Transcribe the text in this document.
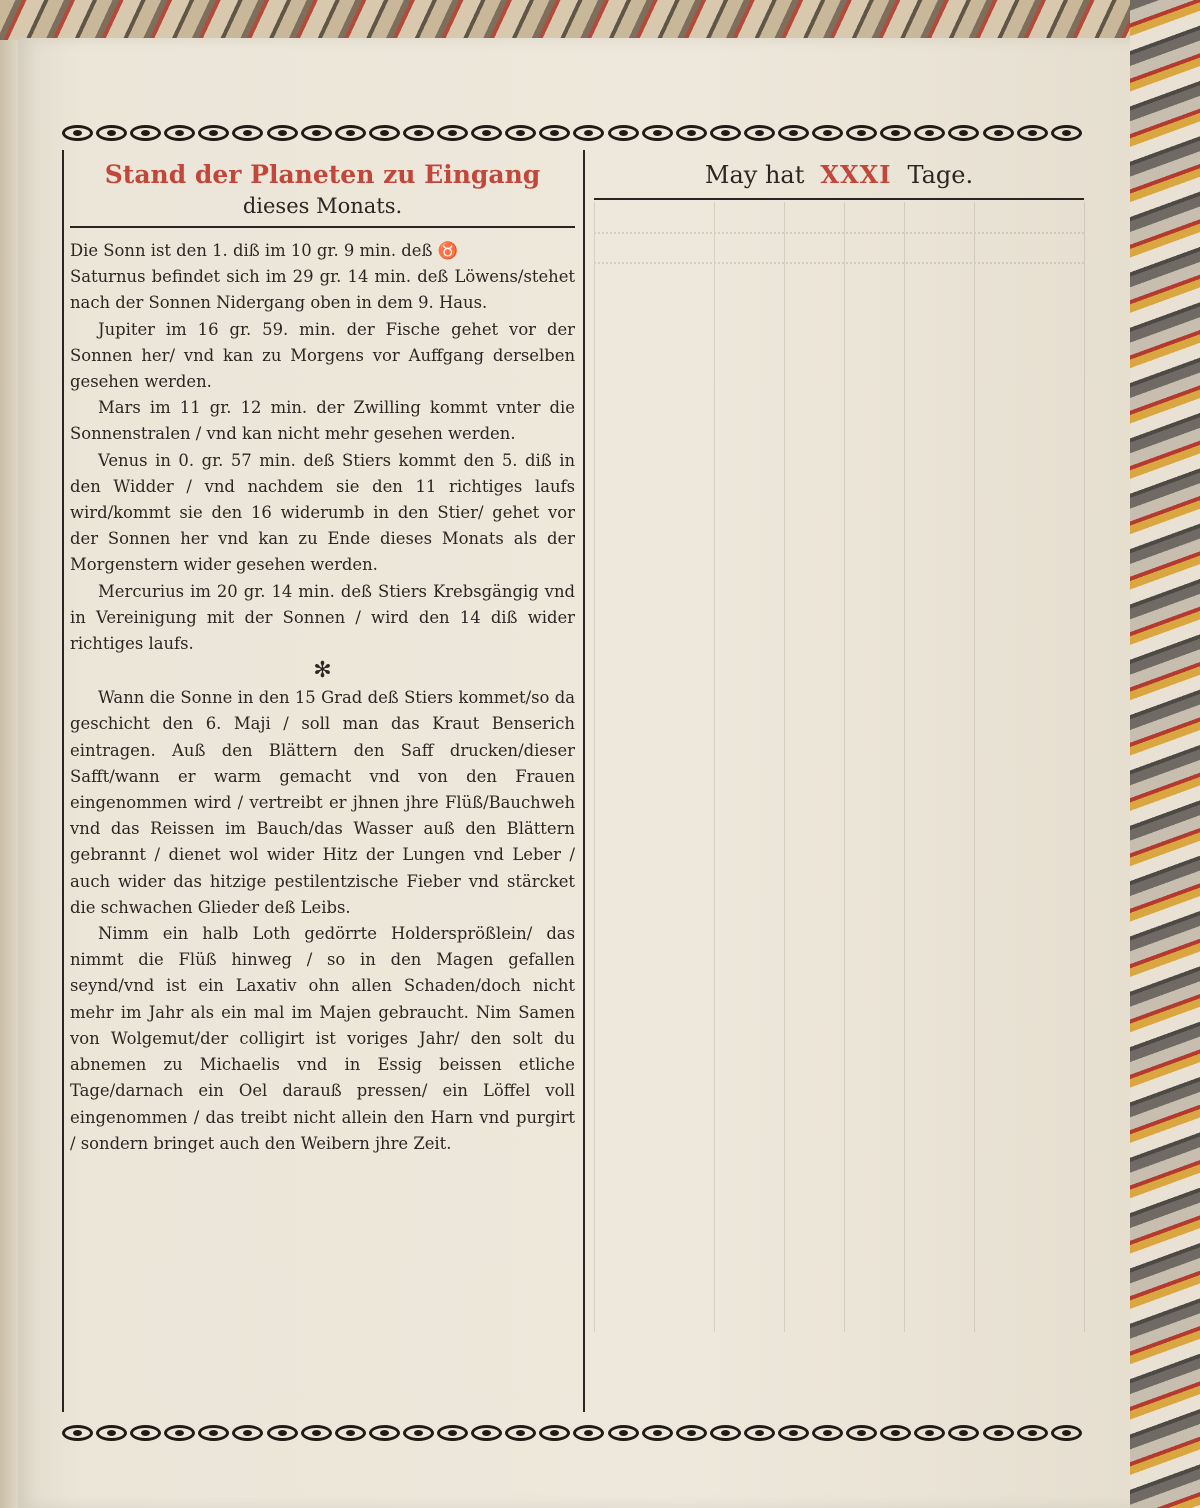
Stand der Planeten zu Eingang

dieses Monats.

Die Sonn ist den 1. diß im 10 gr. 9 min. deß ♉

Saturnus befindet sich im 29 gr. 14 min. deß Löwens/stehet nach der Sonnen Nidergang oben in dem 9. Haus.

Jupiter im 16 gr. 59. min. der Fische gehet vor der Sonnen her/ vnd kan zu Morgens vor Auffgang derselben gesehen werden.

Mars im 11 gr. 12 min. der Zwilling kommt vnter die Sonnenstralen / vnd kan nicht mehr gesehen werden.

Venus in 0. gr. 57 min. deß Stiers kommt den 5. diß in den Widder / vnd nachdem sie den 11 richtiges laufs wird/kommt sie den 16 widerumb in den Stier/ gehet vor der Sonnen her vnd kan zu Ende dieses Monats als der Morgenstern wider gesehen werden.

Mercurius im 20 gr. 14 min. deß Stiers Krebsgängig vnd in Vereinigung mit der Sonnen / wird den 14 diß wider richtiges laufs.

✻

Wann die Sonne in den 15 Grad deß Stiers kommet/so da geschicht den 6. Maji / soll man das Kraut Benserich eintragen. Auß den Blättern den Saff drucken/dieser Safft/wann er warm gemacht vnd von den Frauen eingenommen wird / vertreibt er jhnen jhre Flüß/Bauchweh vnd das Reissen im Bauch/das Wasser auß den Blättern gebrannt / dienet wol wider Hitz der Lungen vnd Leber / auch wider das hitzige pestilentzische Fieber vnd stärcket die schwachen Glieder deß Leibs.

Nimm ein halb Loth gedörrte Holdersprößlein/ das nimmt die Flüß hinweg / so in den Magen gefallen seynd/vnd ist ein Laxativ ohn allen Schaden/doch nicht mehr im Jahr als ein mal im Majen gebraucht. Nim Samen von Wolgemut/der colligirt ist voriges Jahr/ den solt du abnemen zu Michaelis vnd in Essig beissen etliche Tage/darnach ein Oel darauß pressen/ ein Löffel voll eingenommen / das treibt nicht allein den Harn vnd purgirt / sondern bringet auch den Weibern jhre Zeit.

May hat XXXI Tage.
